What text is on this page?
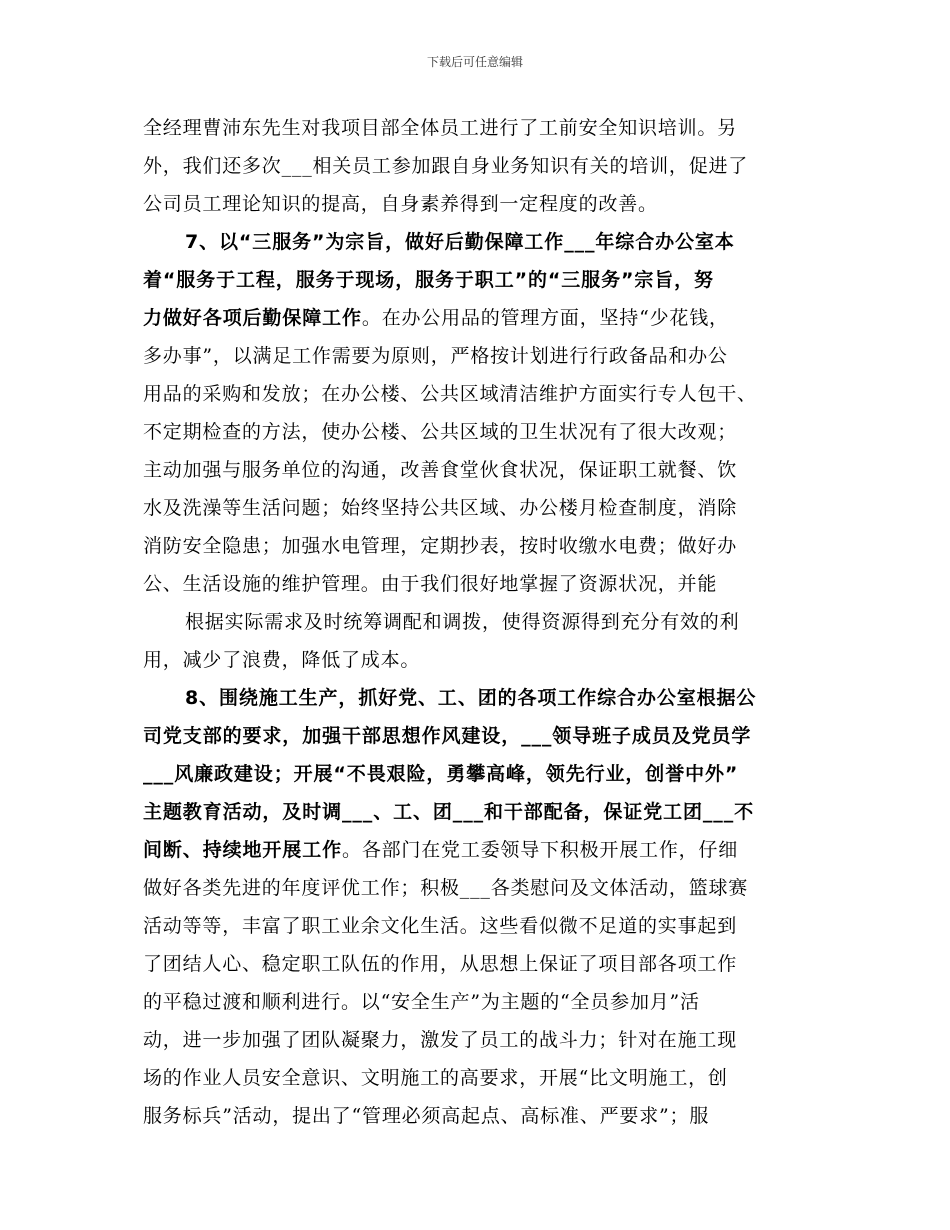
下载后可任意编辑
全经理曹沛东先生对我项目部全体员工进行了工前安全知识培训。另
外，我们还多次___相关员工参加跟自身业务知识有关的培训，促进了
公司员工理论知识的提高，自身素养得到一定程度的改善。
7、以“三服务”为宗旨，做好后勤保障工作___年综合办公室本
着“服务于工程，服务于现场，服务于职工”的“三服务”宗旨，努
力做好各项后勤保障工作。在办公用品的管理方面，坚持“少花钱，
多办事”，以满足工作需要为原则，严格按计划进行行政备品和办公
用品的采购和发放；在办公楼、公共区域清洁维护方面实行专人包干、
不定期检查的方法，使办公楼、公共区域的卫生状况有了很大改观；
主动加强与服务单位的沟通，改善食堂伙食状况，保证职工就餐、饮
水及洗澡等生活问题；始终坚持公共区域、办公楼月检查制度，消除
消防安全隐患；加强水电管理，定期抄表，按时收缴水电费；做好办
公、生活设施的维护管理。由于我们很好地掌握了资源状况，并能
根据实际需求及时统筹调配和调拨，使得资源得到充分有效的利
用，减少了浪费，降低了成本。
8、围绕施工生产，抓好党、工、团的各项工作综合办公室根据公
司党支部的要求，加强干部思想作风建设，___领导班子成员及党员学
___风廉政建设；开展“不畏艰险，勇攀高峰，领先行业，创誉中外”
主题教育活动，及时调___、工、团___和干部配备，保证党工团___不
间断、持续地开展工作。各部门在党工委领导下积极开展工作，仔细
做好各类先进的年度评优工作；积极___各类慰问及文体活动，篮球赛
活动等等，丰富了职工业余文化生活。这些看似微不足道的实事起到
了团结人心、稳定职工队伍的作用，从思想上保证了项目部各项工作
的平稳过渡和顺利进行。以“安全生产”为主题的“全员参加月”活
动，进一步加强了团队凝聚力，激发了员工的战斗力；针对在施工现
场的作业人员安全意识、文明施工的高要求，开展“比文明施工，创
服务标兵”活动，提出了“管理必须高起点、高标准、严要求”；服
